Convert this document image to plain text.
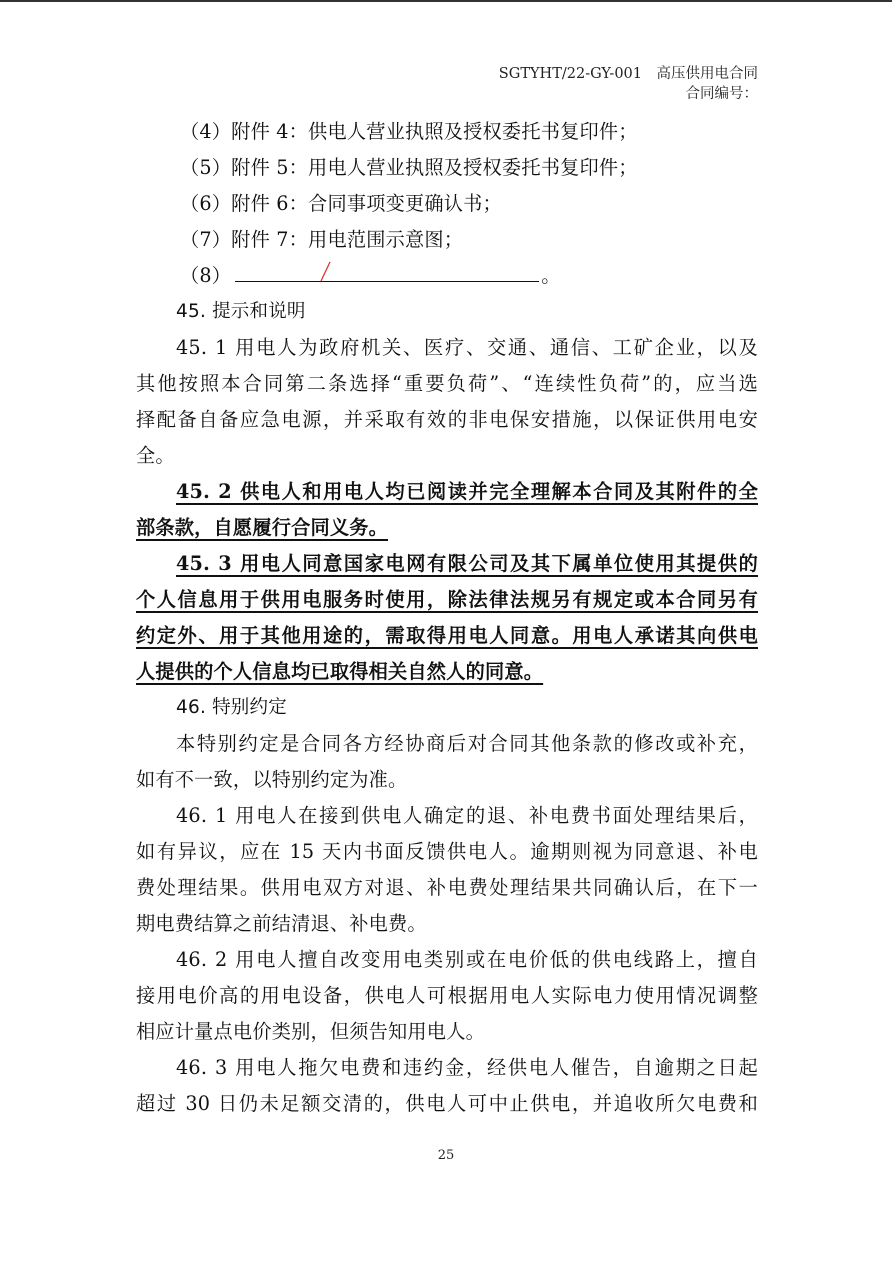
SGTYHT/22-GY-001　高压供用电合同
合同编号：
（4）附件 4：供电人营业执照及授权委托书复印件；
（5）附件 5：用电人营业执照及授权委托书复印件；
（6）附件 6：合同事项变更确认书；
（7）附件 7：用电范围示意图；
（8）	。
45. 提示和说明
45. 1 用电人为政府机关、医疗、交通、通信、工矿企业，以及
其他按照本合同第二条选择“重要负荷”、“连续性负荷”的，应当选
择配备自备应急电源，并采取有效的非电保安措施，以保证供用电安
全。
45. 2 供电人和用电人均已阅读并完全理解本合同及其附件的全
部条款，自愿履行合同义务。
45. 3 用电人同意国家电网有限公司及其下属单位使用其提供的
个人信息用于供用电服务时使用，除法律法规另有规定或本合同另有
约定外、用于其他用途的，需取得用电人同意。用电人承诺其向供电
人提供的个人信息均已取得相关自然人的同意。
46. 特别约定
本特别约定是合同各方经协商后对合同其他条款的修改或补充，
如有不一致，以特别约定为准。
46. 1 用电人在接到供电人确定的退、补电费书面处理结果后，
如有异议，应在 15 天内书面反馈供电人。逾期则视为同意退、补电
费处理结果。供用电双方对退、补电费处理结果共同确认后，在下一
期电费结算之前结清退、补电费。
46. 2 用电人擅自改变用电类别或在电价低的供电线路上，擅自
接用电价高的用电设备，供电人可根据用电人实际电力使用情况调整
相应计量点电价类别，但须告知用电人。
46. 3 用电人拖欠电费和违约金，经供电人催告，自逾期之日起
超过 30 日仍未足额交清的，供电人可中止供电，并追收所欠电费和
25
